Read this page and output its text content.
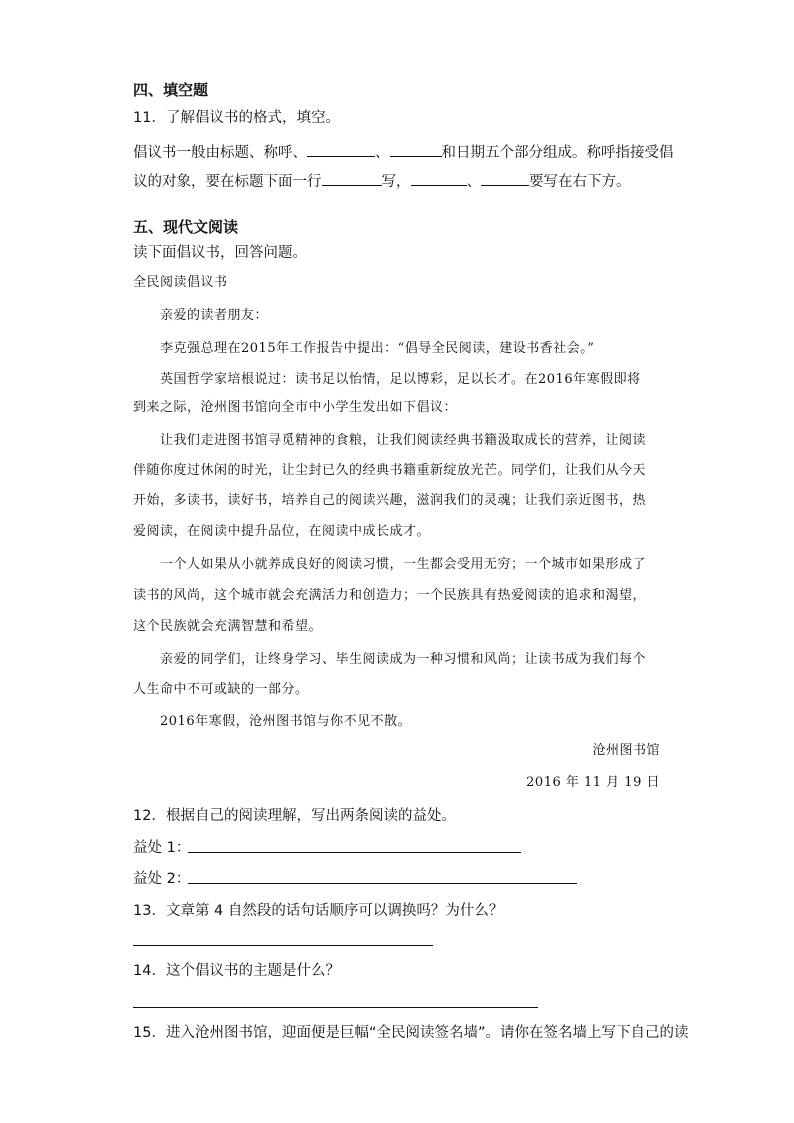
四、填空题
11．了解倡议书的格式，填空。
倡议书一般由标题、称呼、	、	和日期五个部分组成。称呼指接受倡
议的对象，要在标题下面一行	写，	、	要写在右下方。
五、现代文阅读
读下面倡议书，回答问题。
全民阅读倡议书
亲爱的读者朋友：
李克强总理在2015年工作报告中提出：“倡导全民阅读，建设书香社会。”
英国哲学家培根说过：读书足以怡情，足以博彩，足以长才。在2016年寒假即将
到来之际，沧州图书馆向全市中小学生发出如下倡议：
让我们走进图书馆寻觅精神的食粮，让我们阅读经典书籍汲取成长的营养，让阅读
伴随你度过休闲的时光，让尘封已久的经典书籍重新绽放光芒。同学们，让我们从今天
开始，多读书，读好书，培养自己的阅读兴趣，滋润我们的灵魂；让我们亲近图书，热
爱阅读，在阅读中提升品位，在阅读中成长成才。
一个人如果从小就养成良好的阅读习惯，一生都会受用无穷；一个城市如果形成了
读书的风尚，这个城市就会充满活力和创造力；一个民族具有热爱阅读的追求和渴望，
这个民族就会充满智慧和希望。
亲爱的同学们，让终身学习、毕生阅读成为一种习惯和风尚；让读书成为我们每个
人生命中不可或缺的一部分。
2016年寒假，沧州图书馆与你不见不散。
沧州图书馆
2016 年 11 月 19 日
12．根据自己的阅读理解，写出两条阅读的益处。
益处 1：
益处 2：
13．文章第 4 自然段的话句话顺序可以调换吗？为什么？
14．这个倡议书的主题是什么？
15．进入沧州图书馆，迎面便是巨幅“全民阅读签名墙”。请你在签名墙上写下自己的读
